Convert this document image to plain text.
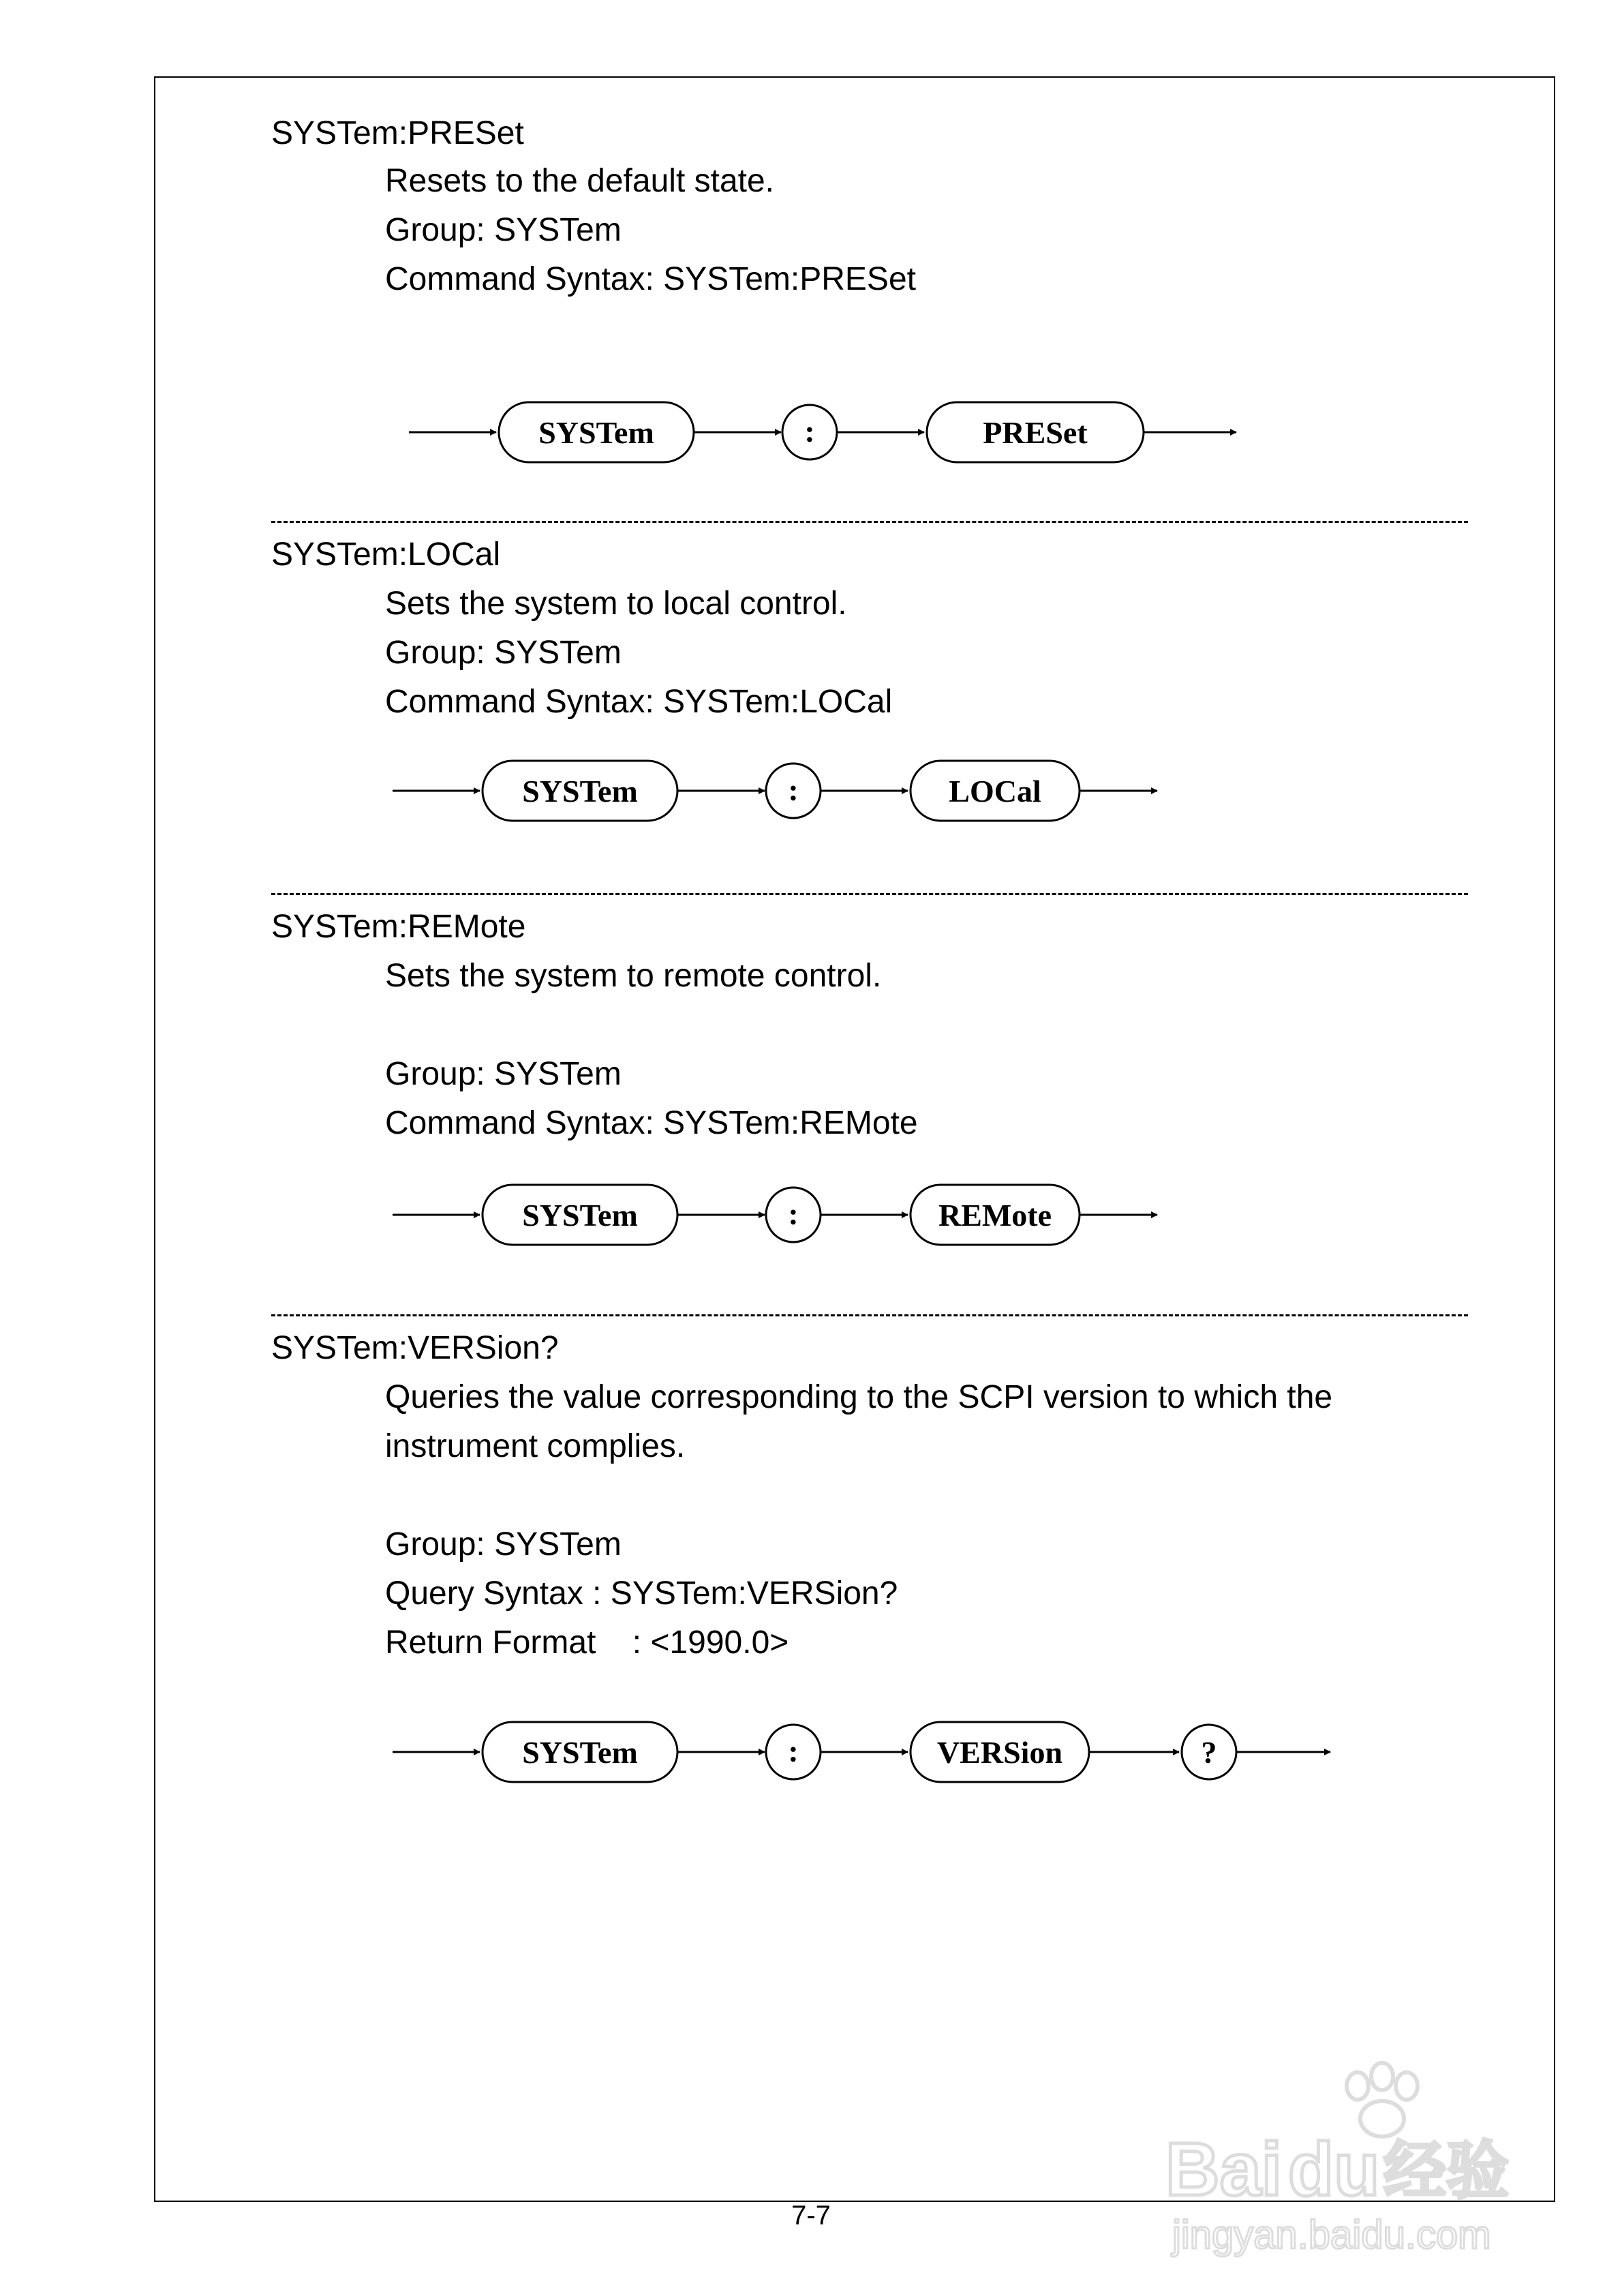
SYSTem:PRESet
Resets to the default state.
Group: SYSTem
Command Syntax: SYSTem:PRESet
SYSTem	:	PRESet
SYSTem:LOCal
Sets the system to local control.
Group: SYSTem
Command Syntax: SYSTem:LOCal
SYSTem	:	LOCal
SYSTem:REMote
Sets the system to remote control.
Group: SYSTem
Command Syntax: SYSTem:REMote
SYSTem	:	REMote
SYSTem:VERSion?
Queries the value corresponding to the SCPI version to which the
instrument complies.
Group: SYSTem
Query Syntax : SYSTem:VERSion?
Return Format    : <1990.0>
SYSTem	:	VERSion	?
7-7
Bai du 经验
jingyan.baidu.com
